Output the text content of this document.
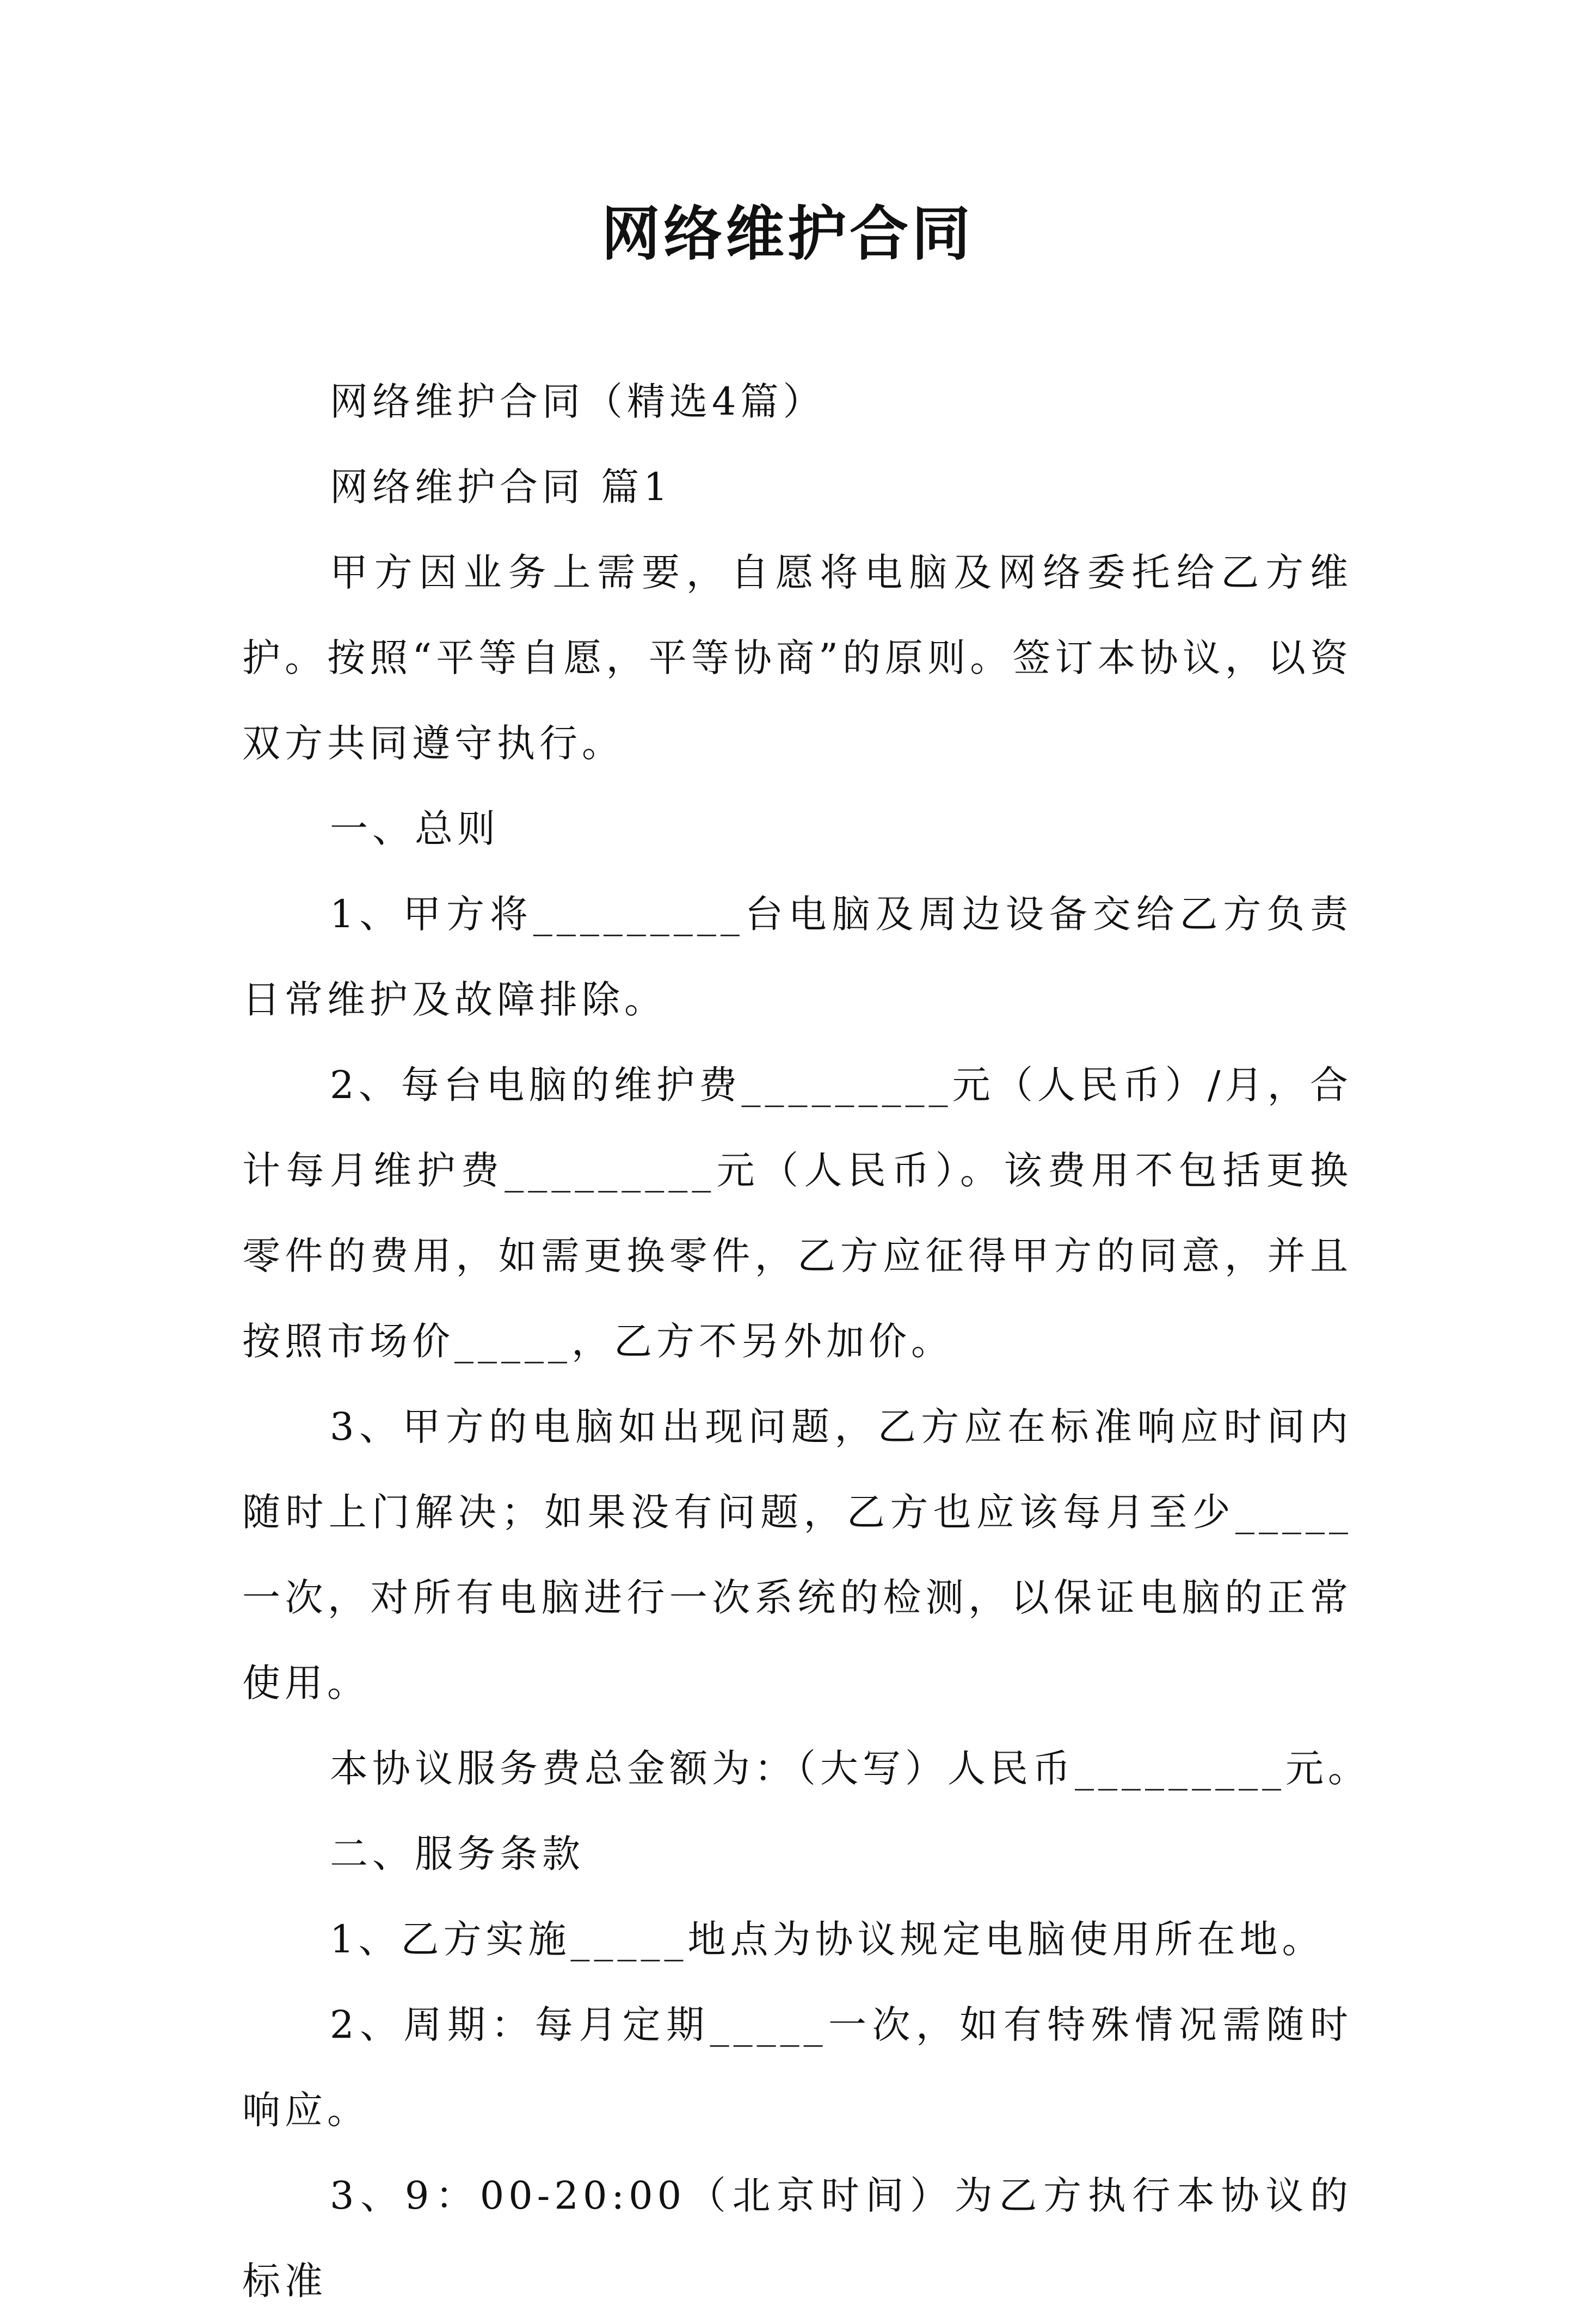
网络维护合同

网络维护合同（精选4篇）

网络维护合同 篇1

甲方因业务上需要，自愿将电脑及网络委托给乙方维护。按照“平等自愿，平等协商”的原则。签订本协议，以资双方共同遵守执行。

一、总则

1、甲方将_________台电脑及周边设备交给乙方负责日常维护及故障排除。

2、每台电脑的维护费_________元（人民币）/月，合计每月维护费_________元（人民币）。该费用不包括更换零件的费用，如需更换零件，乙方应征得甲方的同意，并且按照市场价_____，乙方不另外加价。

3、甲方的电脑如出现问题，乙方应在标准响应时间内随时上门解决；如果没有问题，乙方也应该每月至少_____一次，对所有电脑进行一次系统的检测，以保证电脑的正常使用。

本协议服务费总金额为：（大写）人民币_________元。

二、服务条款

1、乙方实施_____地点为协议规定电脑使用所在地。

2、周期：每月定期_____一次，如有特殊情况需随时响应。

3、9：00-20:00（北京时间）为乙方执行本协议的标准
